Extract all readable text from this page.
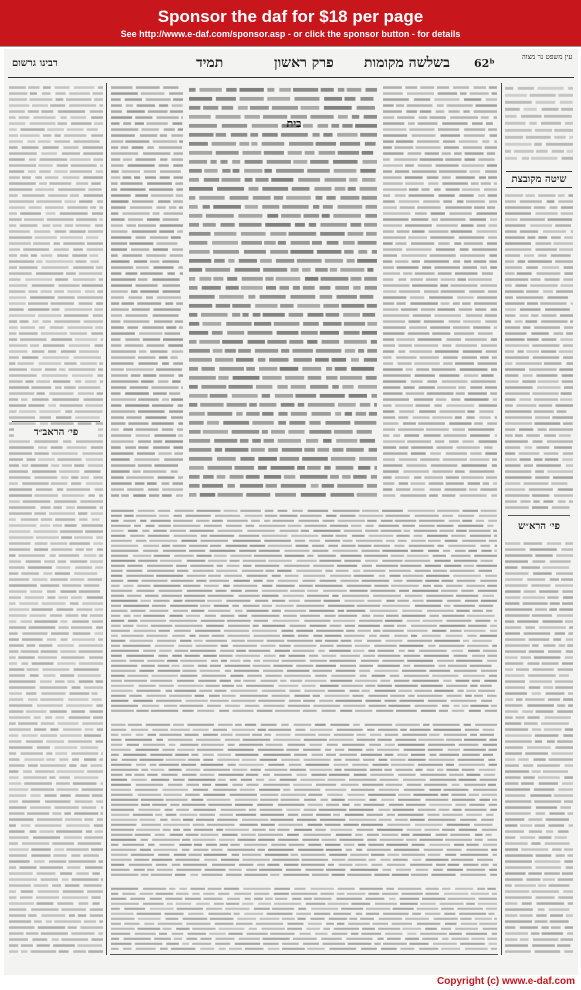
Sponsor the daf for $18 per page
See http://www.e-daf.com/sponsor.asp - or click the sponsor button - for details
רבינו גרשום	תמיד	פרק ראשון בשלשה מקומות 62ᵇ	עין משפט נר מצוה
פי׳ הראב״ד
בית
שיטה מקובצת
פי׳ הרא״ש
Copyright (c) www.e-daf.com
